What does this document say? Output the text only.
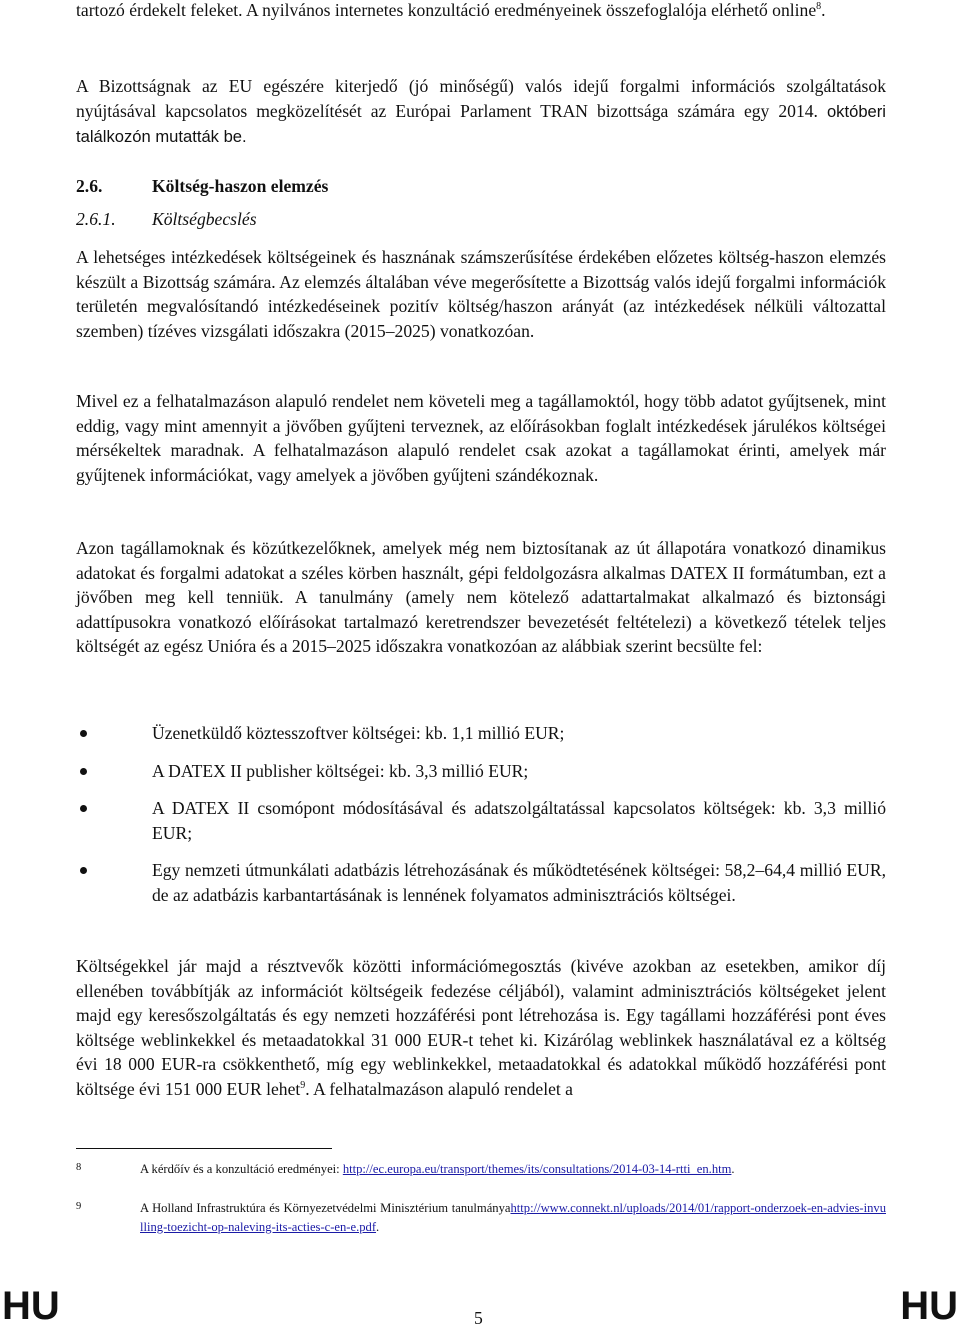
tartozó érdekelt feleket. A nyilvános internetes konzultáció eredményeinek összefoglalója elérhető online$^8$.

A Bizottságnak az EU egészére kiterjedő (jó minőségű) valós idejű forgalmi információs szolgáltatások nyújtásával kapcsolatos megközelítését az Európai Parlament TRAN bizottsága számára egy 2014. októberi találkozón mutatták be.

2.6.	Költség-haszon elemzés
2.6.1.	Költségbecslés

A lehetséges intézkedések költségeinek és hasznának számszerűsítése érdekében előzetes költség-haszon elemzés készült a Bizottság számára. Az elemzés általában véve megerősítette a Bizottság valós idejű forgalmi információk területén megvalósítandó intézkedéseinek pozitív költség/haszon arányát (az intézkedések nélküli változattal szemben) tízéves vizsgálati időszakra (2015–2025) vonatkozóan.

Mivel ez a felhatalmazáson alapuló rendelet nem követeli meg a tagállamoktól, hogy több adatot gyűjtsenek, mint eddig, vagy mint amennyit a jövőben gyűjteni terveznek, az előírásokban foglalt intézkedések járulékos költségei mérsékeltek maradnak. A felhatalmazáson alapuló rendelet csak azokat a tagállamokat érinti, amelyek már gyűjtenek információkat, vagy amelyek a jövőben gyűjteni szándékoznak.

Azon tagállamoknak és közútkezelőknek, amelyek még nem biztosítanak az út állapotára vonatkozó dinamikus adatokat és forgalmi adatokat a széles körben használt, gépi feldolgozásra alkalmas DATEX II formátumban, ezt a jövőben meg kell tenniük. A tanulmány (amely nem kötelező adattartalmakat alkalmazó és biztonsági adattípusokra vonatkozó előírásokat tartalmazó keretrendszer bevezetését feltételezi) a következő tételek teljes költségét az egész Unióra és a 2015–2025 időszakra vonatkozóan az alábbiak szerint becsülte fel:

Üzenetküldő köztesszoftver költségei: kb. 1,1 millió EUR;
A DATEX II publisher költségei: kb. 3,3 millió EUR;
A DATEX II csomópont módosításával és adatszolgáltatással kapcsolatos költségek: kb. 3,3 millió EUR;
Egy nemzeti útmunkálati adatbázis létrehozásának és működtetésének költségei: 58,2–64,4 millió EUR, de az adatbázis karbantartásának is lennének folyamatos adminisztrációs költségei.

Költségekkel jár majd a résztvevők közötti információmegosztás (kivéve azokban az esetekben, amikor díj ellenében továbbítják az információt költségeik fedezése céljából), valamint adminisztrációs költségeket jelent majd egy keresőszolgáltatás és egy nemzeti hozzáférési pont létrehozása is. Egy tagállami hozzáférési pont éves költsége weblinkekkel és metaadatokkal 31 000 EUR-t tehet ki. Kizárólag weblinkek használatával ez a költség évi 18 000 EUR-ra csökkenthető, míg egy weblinkekkel, metaadatokkal és adatokkal működő hozzáférési pont költsége évi 151 000 EUR lehet$^9$. A felhatalmazáson alapuló rendelet a

8	A kérdőív és a konzultáció eredményei: http://ec.europa.eu/transport/themes/its/consultations/2014-03-14-rtti_en.htm.
9	A Holland Infrastruktúra és Környezetvédelmi Minisztérium tanulmányahttp://www.connekt.nl/uploads/2014/01/rapport-onderzoek-en-advies-invulling-toezicht-op-naleving-its-acties-c-en-e.pdf.
HU	5	HU
